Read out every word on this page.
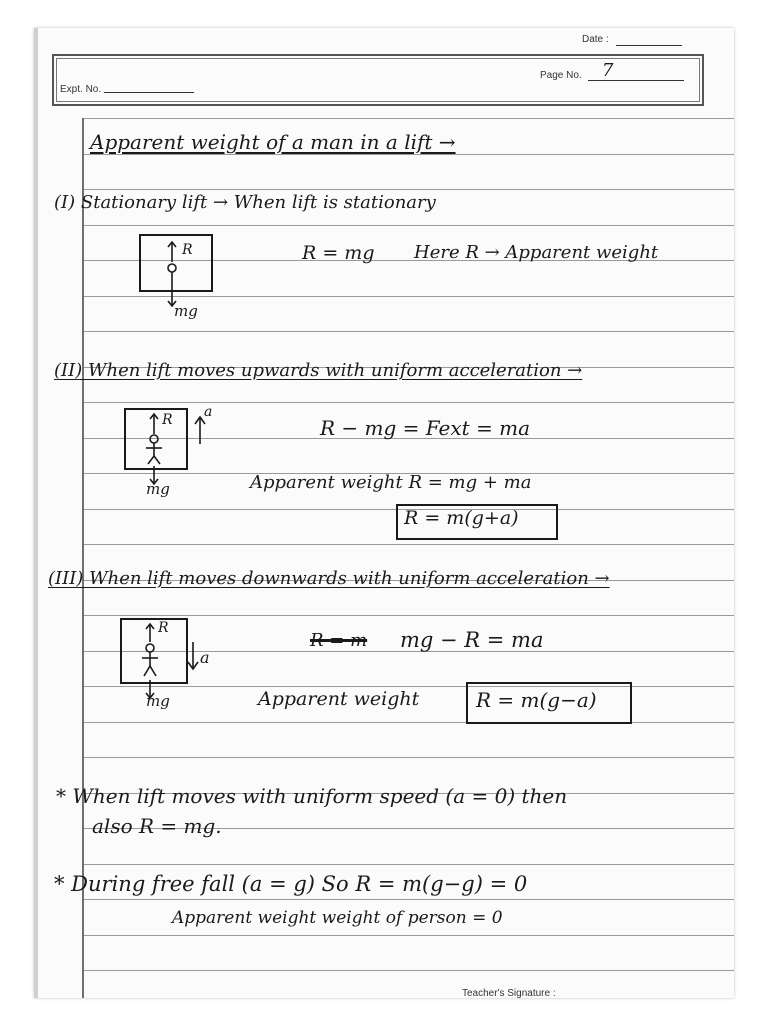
Date :
Expt. No.
Page No. 7
Apparent weight of a man in a lift →
(I) Stationary lift → When lift is stationary
R
mg
R = mg Here R → Apparent weight
(II) When lift moves upwards with uniform acceleration →
R a
mg
R − mg = Fext = ma
Apparent weight R = mg + ma
R = m(g+a)
(III) When lift moves downwards with uniform acceleration →
R
a
mg
R = m mg − R = ma
Apparent weight	R = m(g−a)
* When lift moves with uniform speed (a = 0) then
also R = mg.
* During free fall (a = g) So R = m(g−g) = 0
Apparent weight weight of person = 0
Teacher's Signature :
